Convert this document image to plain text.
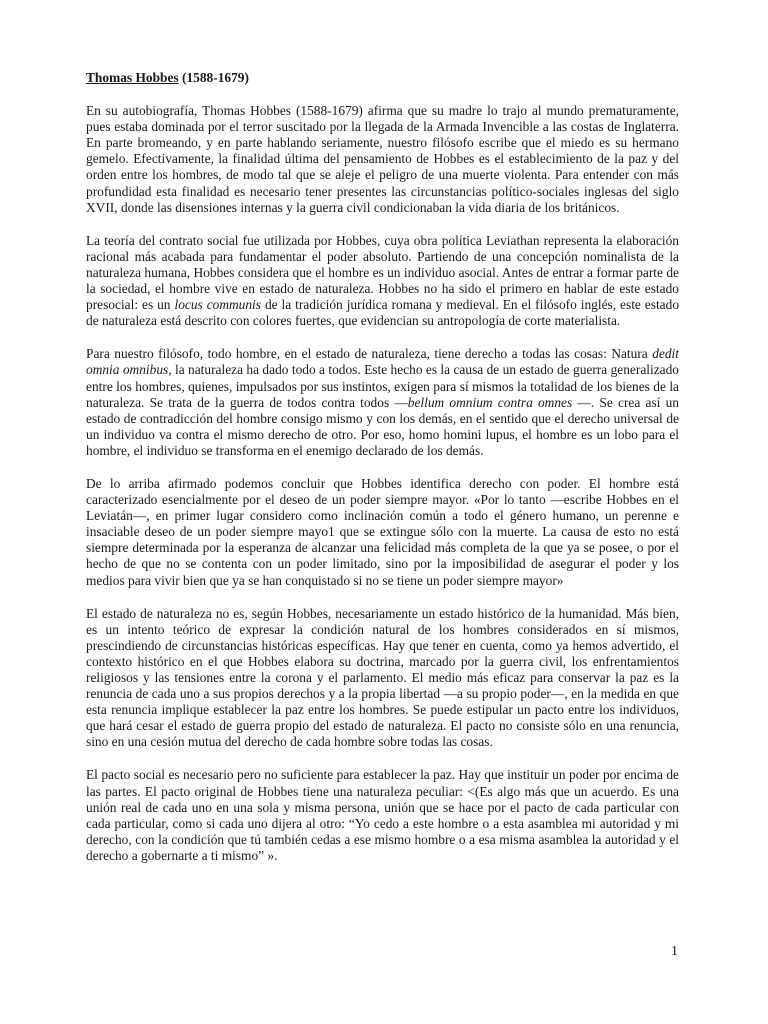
Thomas Hobbes (1588-1679)

En su autobiografía, Thomas Hobbes (1588-1679) afirma que su madre lo trajo al mundo prematuramente, pues estaba dominada por el terror suscitado por la llegada de la Armada Invencible a las costas de Inglaterra. En parte bromeando, y en parte hablando seriamente, nuestro filósofo escribe que el miedo es su hermano gemelo. Efectivamente, la finalidad última del pensamiento de Hobbes es el establecimiento de la paz y del orden entre los hombres, de modo tal que se aleje el peligro de una muerte violenta. Para entender con más profundidad esta finalidad es necesario tener presentes las circunstancias político-sociales inglesas del siglo XVII, donde las disensiones internas y la guerra civil condicionaban la vida diaria de los británicos.

La teoría del contrato social fue utilizada por Hobbes, cuya obra política Leviathan representa la elaboración racional más acabada para fundamentar el poder absoluto. Partiendo de una concepción nominalista de la naturaleza humana, Hobbes considera que el hombre es un individuo asocial. Antes de entrar a formar parte de la sociedad, el hombre vive en estado de naturaleza. Hobbes no ha sido el primero en hablar de este estado presocial: es un locus communis de la tradición jurídica romana y medieval. En el filósofo inglés, este estado de naturaleza está descrito con colores fuertes, que evidencian su antropología de corte materialista.

Para nuestro filósofo, todo hombre, en el estado de naturaleza, tiene derecho a todas las cosas: Natura dedit omnia omnibus, la naturaleza ha dado todo a todos. Este hecho es la causa de un estado de guerra generalizado entre los hombres, quienes, impulsados por sus instintos, exigen para sí mismos la totalidad de los bienes de la naturaleza. Se trata de la guerra de todos contra todos —bellum omnium contra omnes —. Se crea así un estado de contradicción del hombre consigo mismo y con los demás, en el sentido que el derecho universal de un individuo va contra el mismo derecho de otro. Por eso, homo homini lupus, el hombre es un lobo para el hombre, el individuo se transforma en el enemigo declarado de los demás.

De lo arriba afirmado podemos concluir que Hobbes identifica derecho con poder. El hombre está caracterizado esencialmente por el deseo de un poder siempre mayor. «Por lo tanto —escribe Hobbes en el Leviatán—, en primer lugar considero como inclinación común a todo el género humano, un perenne e insaciable deseo de un poder siempre mayo1 que se extingue sólo con la muerte. La causa de esto no está siempre determinada por la esperanza de alcanzar una felicidad más completa de la que ya se posee, o por el hecho de que no se contenta con un poder limitado, sino por la imposibilidad de asegurar el poder y los medios para vivir bien que ya se han conquistado si no se tiene un poder siempre mayor»

El estado de naturaleza no es, según Hobbes, necesariamente un estado histórico de la humanidad. Más bien, es un intento teórico de expresar la condición natural de los hombres considerados en sí mismos, prescindiendo de circunstancias históricas específicas. Hay que tener en cuenta, como ya hemos advertido, el contexto histórico en el que Hobbes elabora su doctrina, marcado por la guerra civil, los enfrentamientos religiosos y las tensiones entre la corona y el parlamento. El medio más eficaz para conservar la paz es la renuncia de cada uno a sus propios derechos y a la propia libertad —a su propio poder—, en la medida en que esta renuncia implique establecer la paz entre los hombres. Se puede estipular un pacto entre los individuos, que hará cesar el estado de guerra propio del estado de naturaleza. El pacto no consiste sólo en una renuncia, sino en una cesión mutua del derecho de cada hombre sobre todas las cosas.

El pacto social es necesario pero no suficiente para establecer la paz. Hay que instituir un poder por encima de las partes. El pacto original de Hobbes tiene una naturaleza peculiar: <(Es algo más que un acuerdo. Es una unión real de cada uno en una sola y misma persona, unión que se hace por el pacto de cada particular con cada particular, como si cada uno dijera al otro: “Yo cedo a este hombre o a esta asamblea mi autoridad y mi derecho, con la condición que tú también cedas a ese mismo hombre o a esa misma asamblea la autoridad y el derecho a gobernarte a ti mismo” ».

1
